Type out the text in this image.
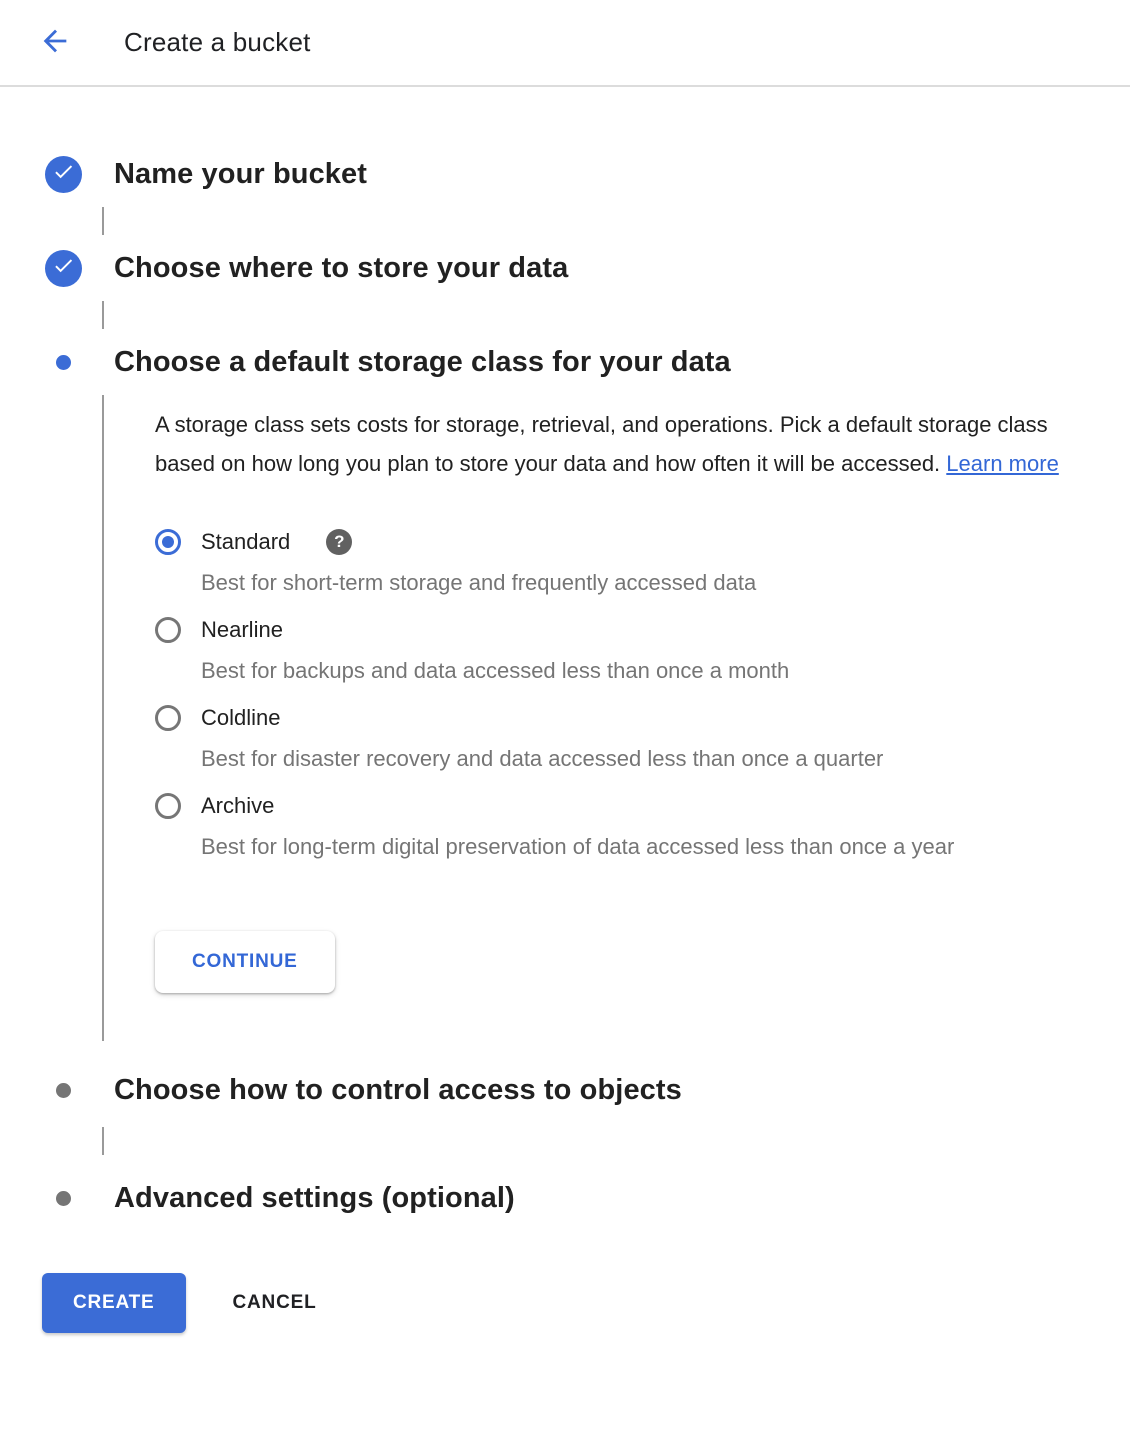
Create a bucket
Name your bucket
Choose where to store your data
Choose a default storage class for your data
A storage class sets costs for storage, retrieval, and operations. Pick a default storage class based on how long you plan to store your data and how often it will be accessed. Learn more
Standard	?
Best for short-term storage and frequently accessed data
Nearline
Best for backups and data accessed less than once a month
Coldline
Best for disaster recovery and data accessed less than once a quarter
Archive
Best for long-term digital preservation of data accessed less than once a year
CONTINUE
Choose how to control access to objects
Advanced settings (optional)
CREATE	CANCEL
